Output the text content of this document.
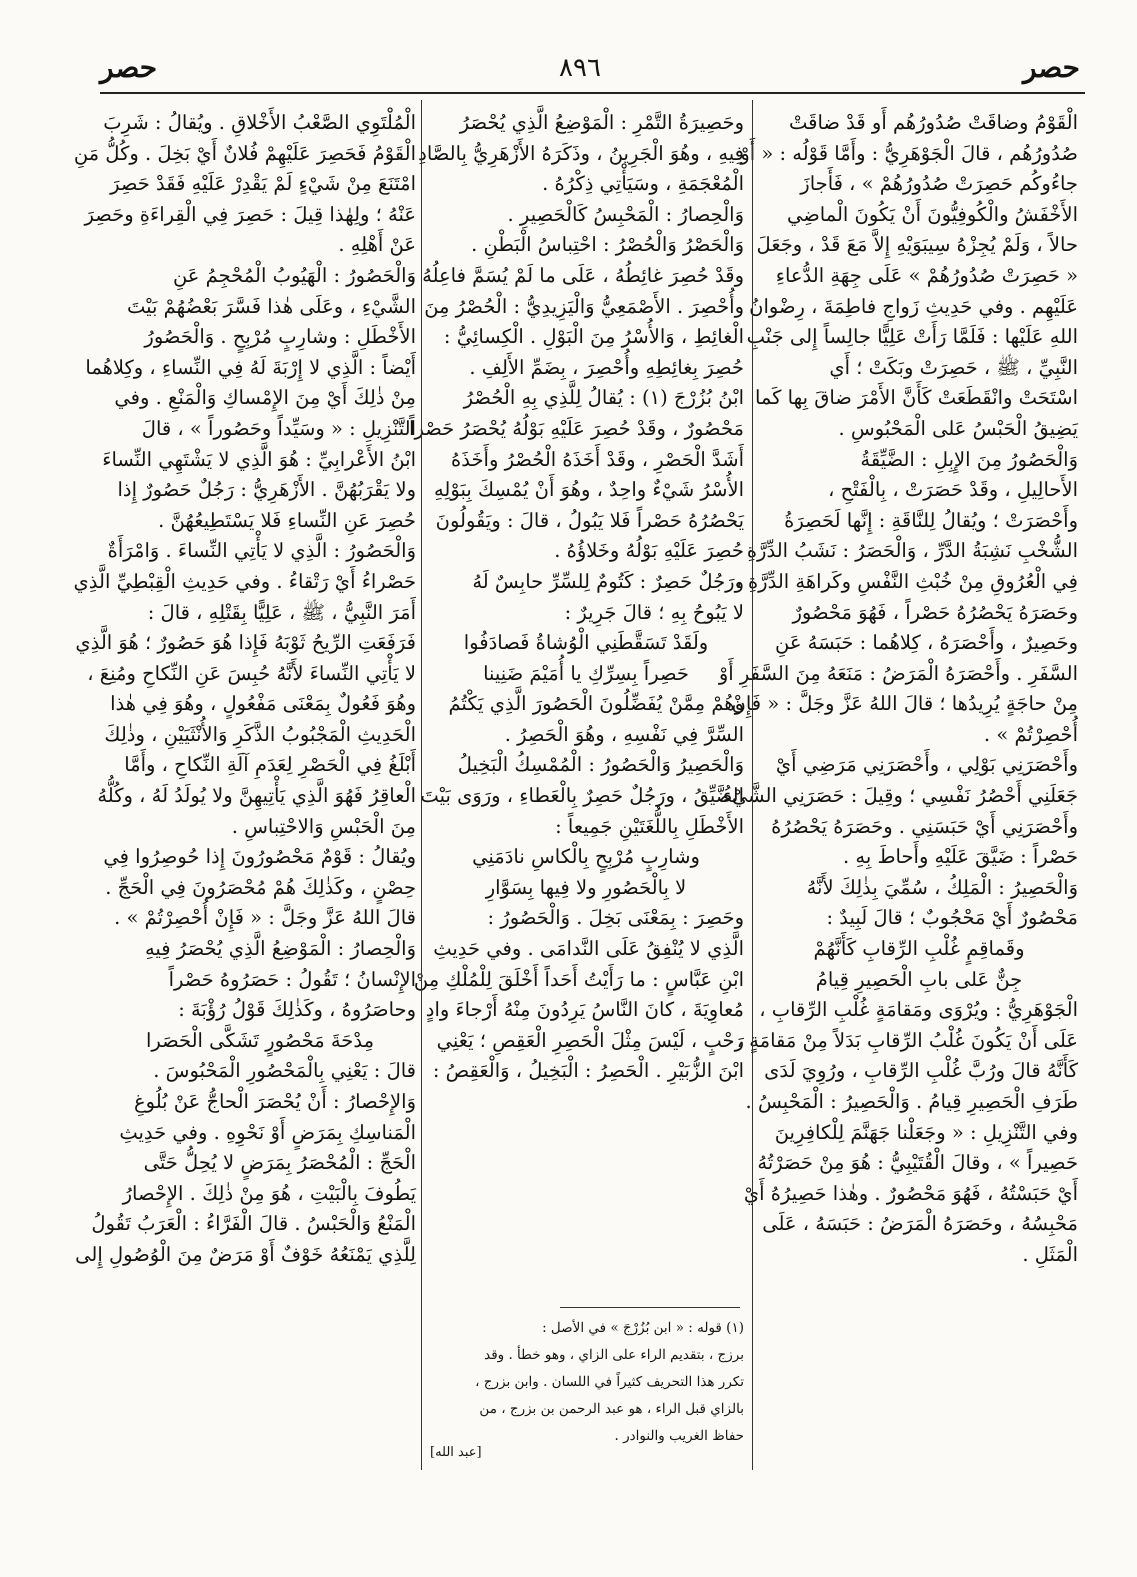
حصر	٨٩٦	حصر

الْقَوْمُ وضاقَتْ صُدُورُهُم أَو قَدْ ضاقَتْ

صُدُورُهُم ، قالَ الْجَوْهَرِيُّ : وأَمَّا قَوْلُه : « أَوْ

جاءُوكُم حَصِرَتْ صُدُورُهُمْ » ، فَأَجازَ

الأَخْفَشُ والْكُوفِيُّونَ أَنْ يَكُونَ الْماضِي

حالاً ، وَلَمْ يُجِزْهُ سِيبَوَيْهِ إِلاَّ مَعَ قَدْ ، وجَعَلَ

« حَصِرَتْ صُدُورُهُمْ » عَلَى جِهَةِ الدُّعاءِ

عَلَيْهِم . وفي حَدِيثِ زَواجِ فاطِمَةَ ، رِضْوانُ

اللهِ عَلَيْها : فَلَمَّا رَأَتْ عَلِيًّا جالِساً إِلى جَنْبِ

النَّبِيِّ ، ﷺ ، حَصِرَتْ وبَكَتْ ؛ أَي

اسْتَحَتْ وانْقَطَعَتْ كَأَنَّ الأَمْرَ ضاقَ بِها كَما

يَضِيقُ الْحَبْسُ عَلى الْمَحْبُوسِ .

وَالْحَصُورُ مِنَ الإِبِلِ : الضَّيِّقَةُ

الأَحالِيلِ ، وقَدْ حَصَرَتْ ، بِالْفَتْحِ ،

وأَحْصَرَتْ ؛ ويُقالُ لِلنَّاقَةِ : إِنَّها لَحَصِرَةُ

الشُّخْبِ نَشِبَةُ الدَّرِّ ، وَالْحَصَرُ : نَشَبُ الدِّرَّةِ

فِي الْعُرُوقِ مِنْ خُبْثِ النَّفْسِ وكَراهَةِ الدِّرَّةِ ،

وحَصَرَهُ يَحْصُرُهُ حَصْراً ، فَهُوَ مَحْصُورٌ

وحَصِيرٌ ، وأَحْصَرَهُ ، كِلاهُما : حَبَسَهُ عَنِ

السَّفَرِ . وأَحْصَرَهُ الْمَرَضُ : مَنَعَهُ مِنَ السَّفَرِ أَوْ

مِنْ حاجَةٍ يُرِيدُها ؛ قالَ اللهُ عَزَّ وجَلَّ : « فَإِنْ

أُحْصِرْتُمْ » .

وأَحْصَرَنِي بَوْلِي ، وأَحْصَرَنِي مَرَضِي أَيْ

جَعَلَنِي أَحْصُرُ نَفْسِي ؛ وقِيلَ : حَصَرَنِي الشَّيْءُ

وأَحْصَرَنِي أَيْ حَبَسَنِي . وحَصَرَهُ يَحْصُرُهُ

حَصْراً : ضَيَّقَ عَلَيْهِ وأَحاطَ بِهِ .

وَالْحَصِيرُ : الْمَلِكُ ، سُمِّيَ بِذٰلِكَ لأَنَّهُ

مَحْصُورٌ أَيْ مَحْجُوبٌ ؛ قالَ لَبِيدٌ :

وقَماقِمٍ غُلْبِ الرِّقابِ كَأَنَّهُمْ

جِنٌّ عَلى بابِ الْحَصِيرِ قِيامُ

الْجَوْهَرِيُّ : ويُرْوَى ومَقامَةٍ غُلْبِ الرِّقابِ ،

عَلَى أَنْ يَكُونَ غُلْبُ الرِّقابِ بَدَلاً مِنْ مَقامَةٍ ،

كَأَنَّهُ قالَ ورُبَّ غُلْبِ الرِّقابِ ، ورُوِيَ لَدَى

طَرَفِ الْحَصِيرِ قِيامُ . وَالْحَصِيرُ : الْمَحْبِسُ .

وفي التَّنْزِيلِ : « وجَعَلْنا جَهَنَّمَ لِلْكافِرِينَ

حَصِيراً » ، وقالَ الْقُتَيْبِيُّ : هُوَ مِنْ حَصَرْتُهُ

أَيْ حَبَسْتُهُ ، فَهُوَ مَحْصُورٌ . وهٰذا حَصِيرُهُ أَيْ

مَحْبِسُهُ ، وحَصَرَهُ الْمَرَضُ : حَبَسَهُ ، عَلَى

الْمَثَلِ .

وحَصِيرَةُ التَّمْرِ : الْمَوْضِعُ الَّذِي يُحْصَرُ

فِيهِ ، وهُوَ الْجَرِينُ ، وذَكَرَهُ الأَزْهَرِيُّ بِالصَّادِ

الْمُعْجَمَةِ ، وسَيَأْتِي ذِكْرُهُ .

وَالْحِصارُ : الْمَحْبِسُ كَالْحَصِيرِ .

وَالْحَصْرُ وَالْحُصْرُ : احْتِباسُ الْبَطْنِ .

وقَدْ حُصِرَ غائِطُهُ ، عَلَى ما لَمْ يُسَمَّ فاعِلُهُ ،

وأُحْصِرَ . الأَصْمَعِيُّ وَالْيَزِيدِيُّ : الْحُصْرُ مِنَ

الْغائِطِ ، وَالأُسْرُ مِنَ الْبَوْلِ . الْكِسائِيُّ :

حُصِرَ بِغائِطِهِ وأُحْصِرَ ، بِضَمِّ الأَلِفِ .

ابْنُ بُزُرْجَ (١) : يُقالُ لِلَّذِي بِهِ الْحُصْرُ

مَحْصُورٌ ، وقَدْ حُصِرَ عَلَيْهِ بَوْلُهُ يُحْصَرُ حَصْراً

أَشَدَّ الْحَصْرِ ، وقَدْ أَخَذَهُ الْحُصْرُ وأَخَذَهُ

الأُسْرُ شَيْءٌ واحِدٌ ، وهُوَ أَنْ يُمْسِكَ بِبَوْلِهِ

يَحْصُرُهُ حَصْراً فَلا يَبُولُ ، قالَ : ويَقُولُونَ

حُصِرَ عَلَيْهِ بَوْلُهُ وخَلاؤُهُ .

ورَجُلٌ حَصِرٌ : كَتُومٌ لِلسِّرِّ حابِسٌ لَهُ

لا يَبُوحُ بِهِ ؛ قالَ جَرِيرٌ :

ولَقَدْ تَسَقَّطَنِي الْوُشاةُ فَصادَفُوا

حَصِراً بِسِرِّكِ يا أُمَيْمَ ضَنِينا

وهُمْ مِمَّنْ يُفَضِّلُونَ الْحَصُورَ الَّذِي يَكْتُمُ

السِّرَّ فِي نَفْسِهِ ، وهُوَ الْحَصِرُ .

وَالْحَصِيرُ وَالْحَصُورُ : الْمُمْسِكُ الْبَخِيلُ

الضَّيِّقُ ، ورَجُلٌ حَصِرٌ بِالْعَطاءِ ، ورَوَى بَيْتَ

الأَخْطَلِ بِاللُّغَتَيْنِ جَمِيعاً :

وشارِبٍ مُرْبِحٍ بِالْكاسِ نادَمَنِي

لا بِالْحَصُورِ ولا فِيها بِسَوَّارِ

وحَصِرَ : بِمَعْنَى بَخِلَ . وَالْحَصُورُ :

الَّذِي لا يُنْفِقُ عَلَى النَّدامَى . وفي حَدِيثِ

ابْنِ عَبَّاسٍ : ما رَأَيْتُ أَحَداً أَخْلَقَ لِلْمُلْكِ مِنْ

مُعاوِيَةَ ، كانَ النَّاسُ يَرِدُونَ مِنْهُ أَرْجاءَ وادٍ

رَحْبٍ ، لَيْسَ مِثْلَ الْحَصِرِ الْعَقِصِ ؛ يَعْنِي

ابْنَ الزُّبَيْرِ . الْحَصِرُ : الْبَخِيلُ ، وَالْعَقِصُ :

الْمُلْتَوِي الصَّعْبُ الأَخْلاقِ . ويُقالُ : شَرِبَ

الْقَوْمُ فَحَصِرَ عَلَيْهِمْ فُلانٌ أَيْ بَخِلَ . وكُلُّ مَنِ

امْتَنَعَ مِنْ شَيْءٍ لَمْ يَقْدِرْ عَلَيْهِ فَقَدْ حَصِرَ

عَنْهُ ؛ ولِهٰذا قِيلَ : حَصِرَ فِي الْقِراءَةِ وحَصِرَ

عَنْ أَهْلِهِ .

وَالْحَصُورُ : الْهَيُوبُ الْمُحْجِمُ عَنِ

الشَّيْءِ ، وعَلَى هٰذا فَسَّرَ بَعْضُهُمْ بَيْتَ

الأَخْطَلِ : وشارِبٍ مُرْبِحٍ . وَالْحَصُورُ

أَيْضاً : الَّذِي لا إِرْبَةَ لَهُ فِي النِّساءِ ، وكِلاهُما

مِنْ ذٰلِكَ أَيْ مِنَ الإِمْساكِ وَالْمَنْعِ . وفي

التَّنْزِيلِ : « وسَيِّداً وحَصُوراً » ، قالَ

ابْنُ الأَعْرابِيِّ : هُوَ الَّذِي لا يَشْتَهِي النِّساءَ

ولا يَقْرَبُهُنَّ . الأَزْهَرِيُّ : رَجُلٌ حَصُورٌ إِذا

حُصِرَ عَنِ النِّساءِ فَلا يَسْتَطِيعُهُنَّ .

وَالْحَصُورُ : الَّذِي لا يَأْتِي النِّساءَ . وَامْرَأَةٌ

حَصْراءُ أَيْ رَتْقاءُ . وفي حَدِيثِ الْقِبْطِيِّ الَّذِي

أَمَرَ النَّبِيُّ ، ﷺ ، عَلِيًّا بِقَتْلِهِ ، قالَ :

فَرَفَعَتِ الرِّيحُ ثَوْبَهُ فَإِذا هُوَ حَصُورٌ ؛ هُوَ الَّذِي

لا يَأْتِي النِّساءَ لأَنَّهُ حُبِسَ عَنِ النِّكاحِ ومُنِعَ ،

وهُوَ فَعُولٌ بِمَعْنَى مَفْعُولٍ ، وهُوَ فِي هٰذا

الْحَدِيثِ الْمَجْبُوبُ الذَّكَرِ وَالأُنْثَيَيْنِ ، وذٰلِكَ

أَبْلَغُ فِي الْحَصْرِ لِعَدَمِ آلَةِ النِّكاحِ ، وأَمَّا

الْعاقِرُ فَهُوَ الَّذِي يَأْتِيهِنَّ ولا يُولَدُ لَهُ ، وكُلُّهُ

مِنَ الْحَبْسِ وَالاحْتِباسِ .

ويُقالُ : قَوْمٌ مَحْصُورُونَ إِذا حُوصِرُوا فِي

حِصْنٍ ، وكَذٰلِكَ هُمْ مُحْصَرُونَ فِي الْحَجِّ .

قالَ اللهُ عَزَّ وجَلَّ : « فَإِنْ أُحْصِرْتُمْ » .

وَالْحِصارُ : الْمَوْضِعُ الَّذِي يُحْصَرُ فِيهِ

الإِنْسانُ ؛ تَقُولُ : حَصَرُوهُ حَصْراً

وحاصَرُوهُ ، وكَذٰلِكَ قَوْلُ رُؤْبَةَ :

مِدْحَةَ مَحْصُورٍ تَشَكَّى الْحَصَرا

قالَ : يَعْنِي بِالْمَحْصُورِ الْمَحْبُوسَ .

وَالإِحْصارُ : أَنْ يُحْصَرَ الْحاجُّ عَنْ بُلُوغِ

الْمَناسِكِ بِمَرَضٍ أَوْ نَحْوِهِ . وفي حَدِيثِ

الْحَجِّ : الْمُحْصَرُ بِمَرَضٍ لا يُحِلُّ حَتَّى

يَطُوفَ بِالْبَيْتِ ، هُوَ مِنْ ذٰلِكَ . الإِحْصارُ

الْمَنْعُ وَالْحَبْسُ . قالَ الْفَرَّاءُ : الْعَرَبُ تَقُولُ

لِلَّذِي يَمْنَعُهُ خَوْفٌ أَوْ مَرَضٌ مِنَ الْوُصُولِ إِلى

(١) قوله : « ابن بُزُرْجَ » في الأصل :

برزج ، بتقديم الراء على الزاي ، وهو خطأ . وقد

تكرر هذا التحريف كثيراً في اللسان . وابن بزرج ،

بالزاي قبل الراء ، هو عبد الرحمن بن بزرج ، من

حفاظ الغريب والنوادر .

[عبد الله]
